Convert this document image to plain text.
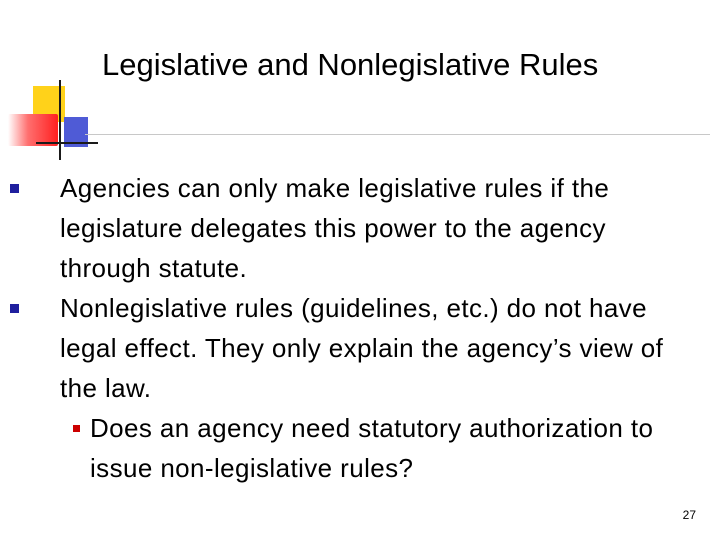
Legislative and Nonlegislative Rules
Agencies can only make legislative rules if the legislature delegates this power to the agency through statute.
Nonlegislative rules (guidelines, etc.) do not have legal effect. They only explain the agency’s view of the law.
Does an agency need statutory authorization to issue non-legislative rules?
27
